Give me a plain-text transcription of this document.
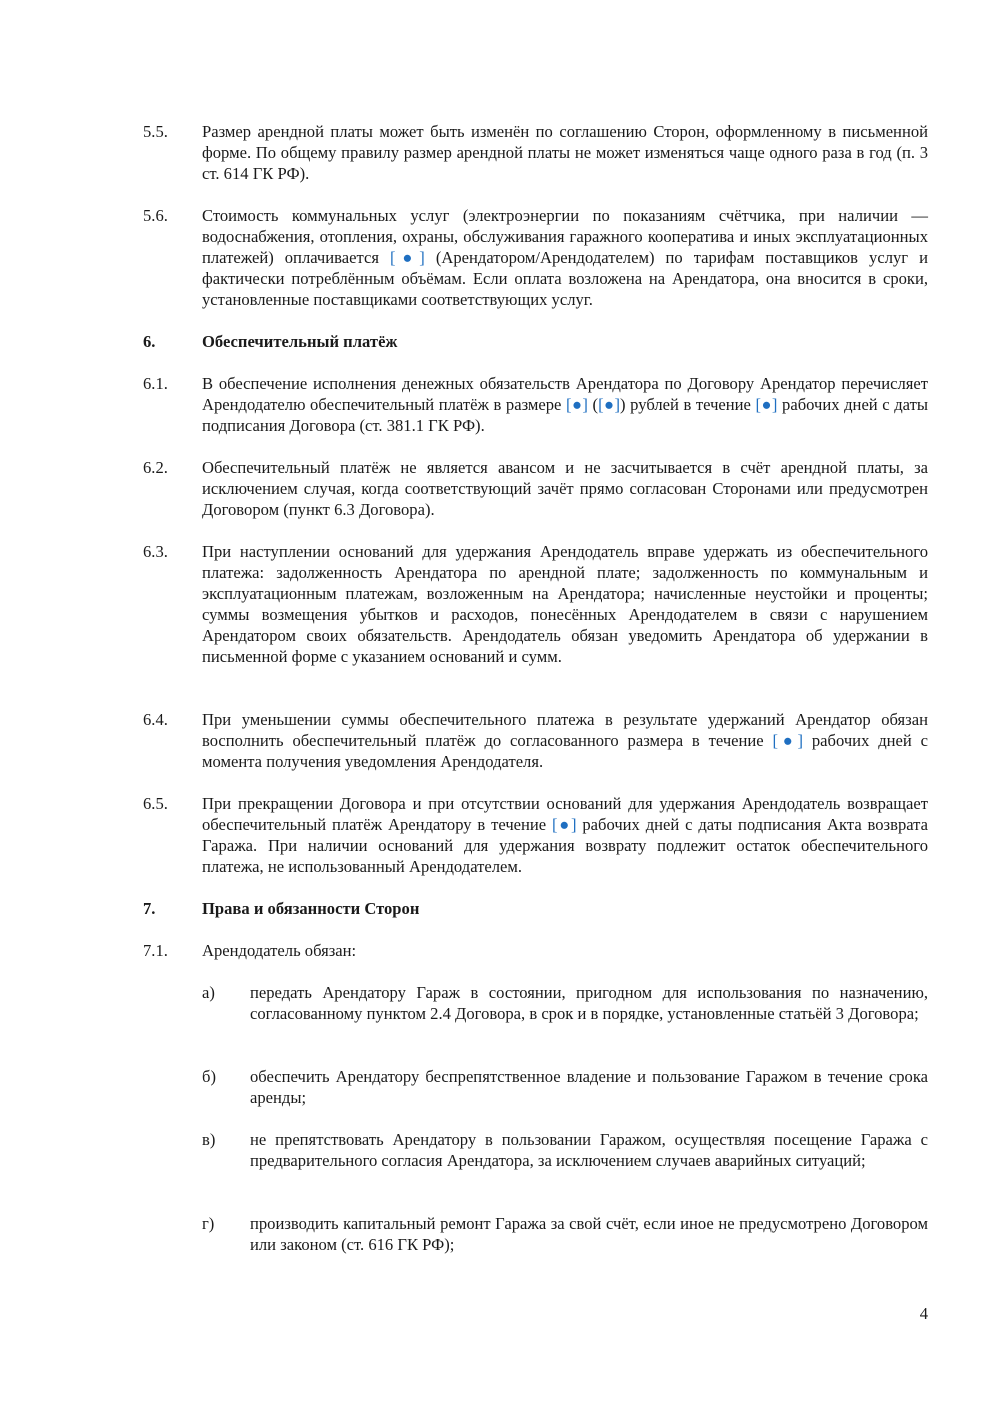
5.5.	Размер арендной платы может быть изменён по соглашению Сторон, оформленному в письменной форме. По общему правилу размер арендной платы не может изменяться чаще одного раза в год (п. 3 ст. 614 ГК РФ).
5.6.	Стоимость коммунальных услуг (электроэнергии по показаниям счётчика, при наличии — водоснабжения, отопления, охраны, обслуживания гаражного кооператива и иных эксплуатационных платежей) оплачивается [●] (Арендатором/Арендодателем) по тарифам поставщиков услуг и фактически потреблённым объёмам. Если оплата возложена на Арендатора, она вносится в сроки, установленные поставщиками соответствующих услуг.
6.	Обеспечительный платёж
6.1.	В обеспечение исполнения денежных обязательств Арендатора по Договору Арендатор перечисляет Арендодателю обеспечительный платёж в размере [●] ([●]) рублей в течение [●] рабочих дней с даты подписания Договора (ст. 381.1 ГК РФ).
6.2.	Обеспечительный платёж не является авансом и не засчитывается в счёт арендной платы, за исключением случая, когда соответствующий зачёт прямо согласован Сторонами или предусмотрен Договором (пункт 6.3 Договора).
6.3.	При наступлении оснований для удержания Арендодатель вправе удержать из обеспечительного платежа: задолженность Арендатора по арендной плате; задолженность по коммунальным и эксплуатационным платежам, возложенным на Арендатора; начисленные неустойки и проценты; суммы возмещения убытков и расходов, понесённых Арендодателем в связи с нарушением Арендатором своих обязательств. Арендодатель обязан уведомить Арендатора об удержании в письменной форме с указанием оснований и сумм.
6.4.	При уменьшении суммы обеспечительного платежа в результате удержаний Арендатор обязан восполнить обеспечительный платёж до согласованного размера в течение [●] рабочих дней с момента получения уведомления Арендодателя.
6.5.	При прекращении Договора и при отсутствии оснований для удержания Арендодатель возвращает обеспечительный платёж Арендатору в течение [●] рабочих дней с даты подписания Акта возврата Гаража. При наличии оснований для удержания возврату подлежит остаток обеспечительного платежа, не использованный Арендодателем.
7.	Права и обязанности Сторон
7.1.	Арендодатель обязан:
а)	передать Арендатору Гараж в состоянии, пригодном для использования по назначению, согласованному пунктом 2.4 Договора, в срок и в порядке, установленные статьёй 3 Договора;
б)	обеспечить Арендатору беспрепятственное владение и пользование Гаражом в течение срока аренды;
в)	не препятствовать Арендатору в пользовании Гаражом, осуществляя посещение Гаража с предварительного согласия Арендатора, за исключением случаев аварийных ситуаций;
г)	производить капитальный ремонт Гаража за свой счёт, если иное не предусмотрено Договором или законом (ст. 616 ГК РФ);
4
